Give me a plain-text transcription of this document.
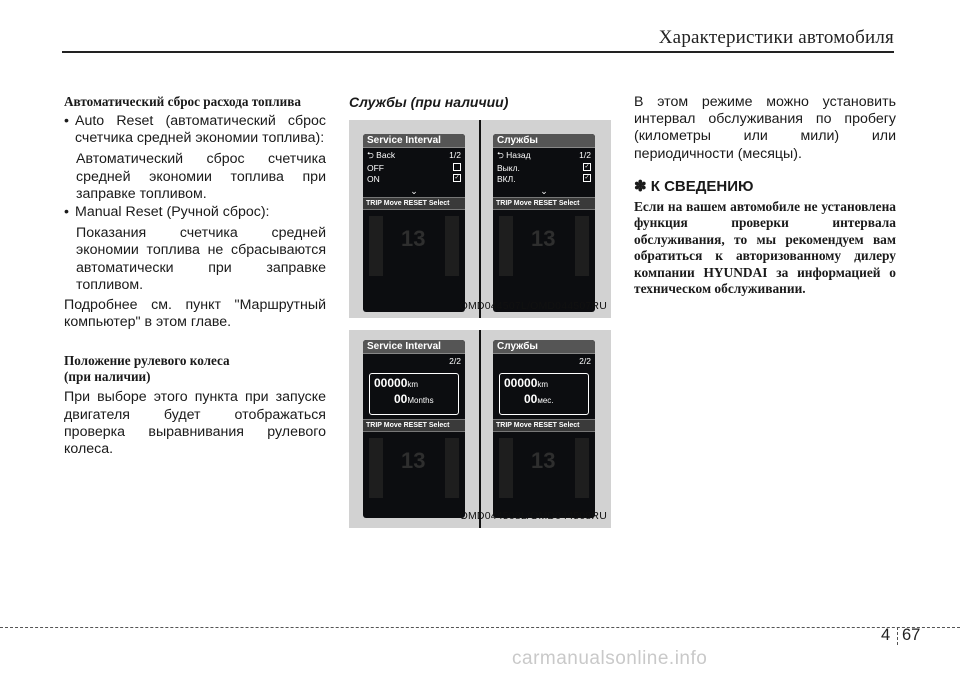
Характеристики автомобиля
Автоматический сброс расхода топлива
• Auto Reset (автоматический сброс счетчика средней экономии топлива):
Автоматический сброс счетчика средней экономии топлива при заправке топливом.
• Manual Reset (Ручной сброс):
Показания счетчика средней экономии топлива не сбрасываются автоматически при заправке топливом.
Подробнее см. пункт "Маршрутный компьютер" в этом главе.
Положение рулевого колеса
(при наличии)
При выборе этого пункта при запуске двигателя будет отображаться проверка выравнивания рулевого колеса.
Службы (при наличии)
Service Interval
⮌ Back	1/2
OFF
ON	✓
⌄
TRIP Move RESET Select
13
Службы
⮌ Назад	1/2
Выкл.	✓
ВКЛ.	✓
⌄
TRIP Move RESET Select
13
OMD044507L/OMD044507RU
Service Interval
2/2
00000km
00Months
TRIP Move RESET Select
13
Службы
2/2
00000km
00мес.
TRIP Move RESET Select
13
OMD044508L/OMD044508RU
В этом режиме можно установить интервал обслуживания по пробегу (километры или мили) или периодичности (месяцы).
✽ К СВЕДЕНИЮ
Если на вашем автомобиле не установлена функция проверки интервала обслуживания, то мы рекомендуем вам обратиться к авторизованному дилеру компании HYUNDAI за информацией о техническом обслуживании.
4 67
carmanualsonline.info
